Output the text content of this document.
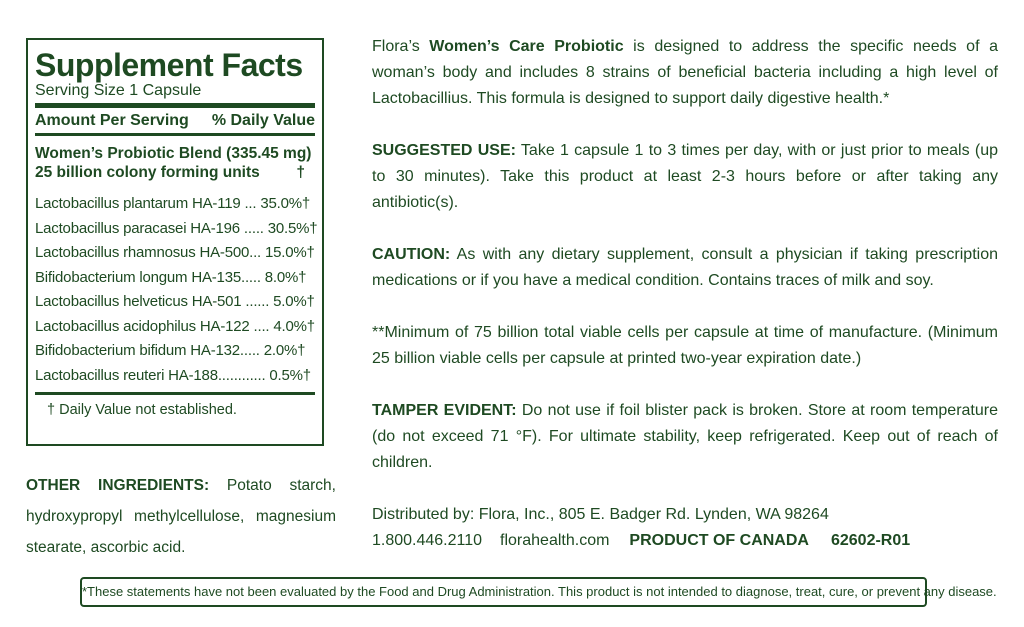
Supplement Facts
Serving Size 1 Capsule
Amount Per Serving % Daily Value
Women’s Probiotic Blend (335.45 mg)
25 billion colony forming units †
Lactobacillus plantarum HA-119 ... 35.0%†
Lactobacillus paracasei HA-196 ..... 30.5%†
Lactobacillus rhamnosus HA-500... 15.0%†
Bifidobacterium longum HA-135..... 8.0%†
Lactobacillus helveticus HA-501 ...... 5.0%†
Lactobacillus acidophilus HA-122 .... 4.0%†
Bifidobacterium bifidum HA-132..... 2.0%†
Lactobacillus reuteri HA-188............ 0.5%†
† Daily Value not established.
OTHER INGREDIENTS: Potato starch, hydroxypropyl methylcellulose, magnesium stearate, ascorbic acid.

Flora’s Women’s Care Probiotic is designed to address the specific needs of a woman’s body and includes 8 strains of beneficial bacteria including a high level of Lactobacillius. This formula is designed to support daily digestive health.*

SUGGESTED USE: Take 1 capsule 1 to 3 times per day, with or just prior to meals (up to 30 minutes). Take this product at least 2-3 hours before or after taking any antibiotic(s).

CAUTION: As with any dietary supplement, consult a physician if taking prescription medications or if you have a medical condition. Contains traces of milk and soy.

**Minimum of 75 billion total viable cells per capsule at time of manufacture. (Minimum 25 billion viable cells per capsule at printed two-year expiration date.)

TAMPER EVIDENT: Do not use if foil blister pack is broken. Store at room temperature (do not exceed 71 °F). For ultimate stability, keep refrigerated. Keep out of reach of children.

Distributed by: Flora, Inc., 805 E. Badger Rd. Lynden, WA 98264

1.800.446.2110 florahealth.com PRODUCT OF CANADA 62602-R01
*These statements have not been evaluated by the Food and Drug Administration. This product is not intended to diagnose, treat, cure, or prevent any disease.
